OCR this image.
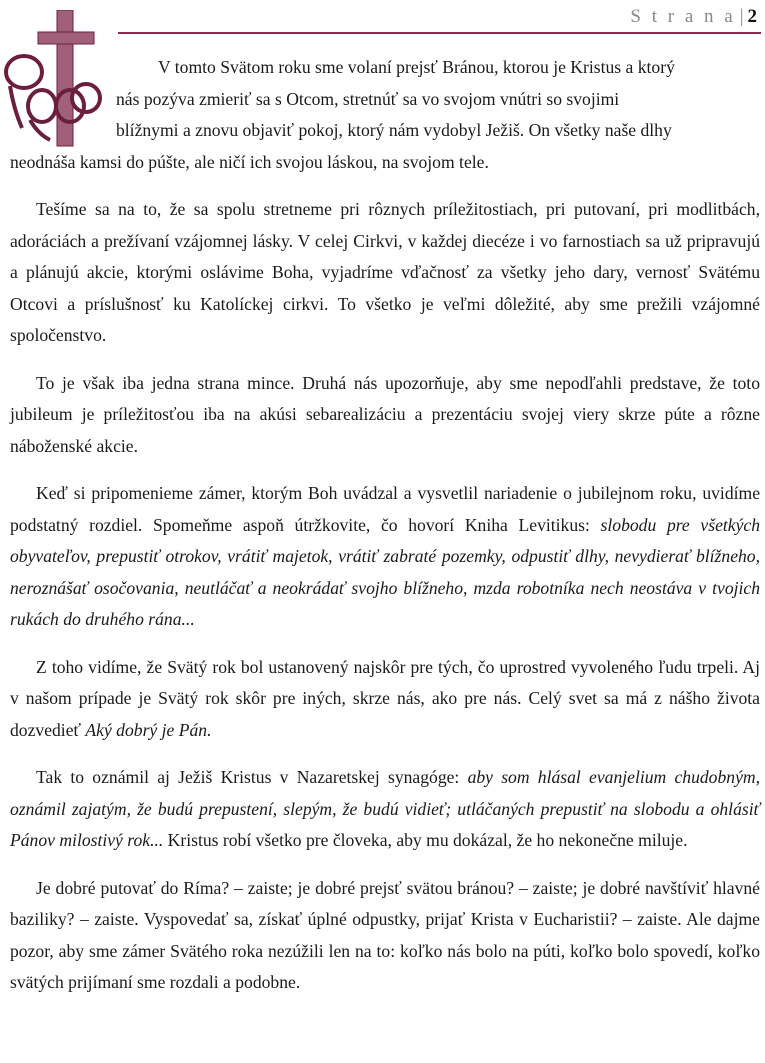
S t r a n a | 2

V tomto Svätom roku sme volaní prejsť Bránou, ktorou je Kristus a ktorý
nás pozýva zmieriť sa s Otcom, stretnúť sa vo svojom vnútri so svojimi
blížnymi a znovu objaviť pokoj, ktorý nám vydobyl Ježiš. On všetky naše dlhy
neodnáša kamsi do púšte, ale ničí ich svojou láskou, na svojom tele.

Tešíme sa na to, že sa spolu stretneme pri rôznych príležitostiach, pri putovaní, pri modlitbách, adoráciách a prežívaní vzájomnej lásky. V celej Cirkvi, v každej diecéze i vo farnostiach sa už pripravujú a plánujú akcie, ktorými oslávime Boha, vyjadríme vďačnosť za všetky jeho dary, vernosť Svätému Otcovi a príslušnosť ku Katolíckej cirkvi. To všetko je veľmi dôležité, aby sme prežili vzájomné spoločenstvo.

To je však iba jedna strana mince. Druhá nás upozorňuje, aby sme nepodľahli predstave, že toto jubileum je príležitosťou iba na akúsi sebarealizáciu a prezentáciu svojej viery skrze púte a rôzne náboženské akcie.

Keď si pripomenieme zámer, ktorým Boh uvádzal a vysvetlil nariadenie o jubilejnom roku, uvidíme podstatný rozdiel. Spomeňme aspoň útržkovite, čo hovorí Kniha Levitikus: slobodu pre všetkých obyvateľov, prepustiť otrokov, vrátiť majetok, vrátiť zabraté pozemky, odpustiť dlhy, nevydierať blížneho, neroznášať osočovania, neutláčať a neokrádať svojho blížneho, mzda robotníka nech neostáva v tvojich rukách do druhého rána...

Z toho vidíme, že Svätý rok bol ustanovený najskôr pre tých, čo uprostred vyvoleného ľudu trpeli. Aj v našom prípade je Svätý rok skôr pre iných, skrze nás, ako pre nás. Celý svet sa má z nášho života dozvedieť Aký dobrý je Pán.

Tak to oznámil aj Ježiš Kristus v Nazaretskej synagóge: aby som hlásal evanjelium chudobným, oznámil zajatým, že budú prepustení, slepým, že budú vidieť; utláčaných prepustiť na slobodu a ohlásiť Pánov milostivý rok... Kristus robí všetko pre človeka, aby mu dokázal, že ho nekonečne miluje.

Je dobré putovať do Ríma? – zaiste; je dobré prejsť svätou bránou? – zaiste; je dobré navštíviť hlavné baziliky? – zaiste. Vyspovedať sa, získať úplné odpustky, prijať Krista v Eucharistii? – zaiste. Ale dajme pozor, aby sme zámer Svätého roka nezúžili len na to: koľko nás bolo na púti, koľko bolo spovedí, koľko svätých prijímaní sme rozdali a podobne.
